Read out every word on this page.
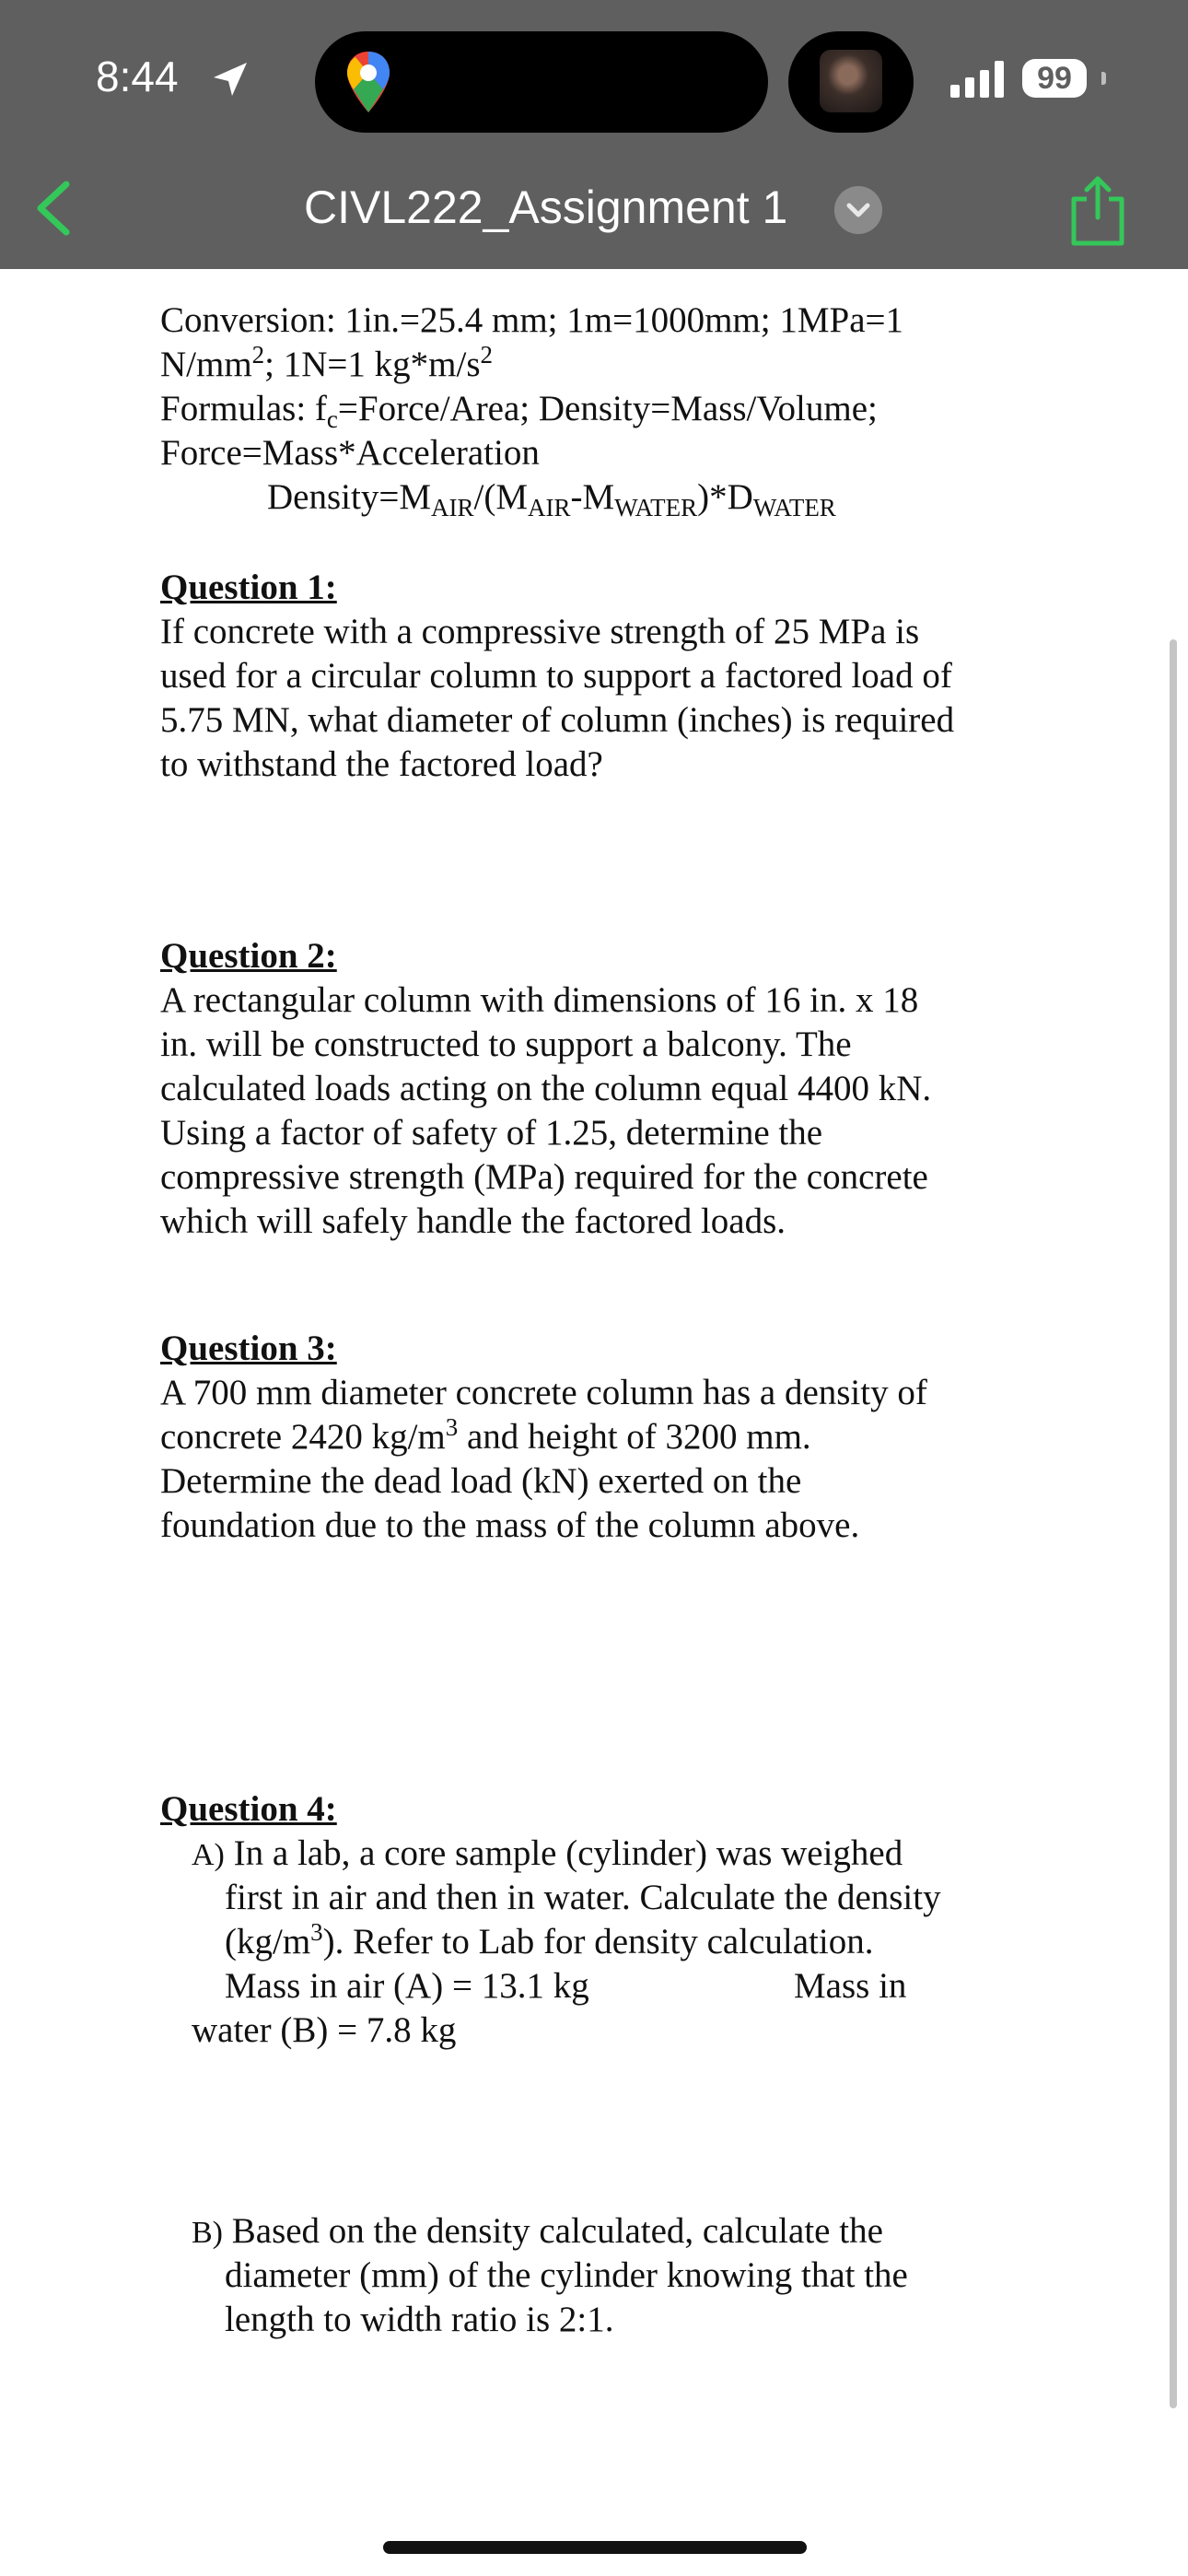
8:44	99
CIVL222_Assignment 1
Conversion: 1in.=25.4 mm; 1m=1000mm; 1MPa=1
$N/mm^2$; 1N=1 $kg*m/s^2$
Formulas: $f_c=Force$/Area; Density=Mass/Volume;
Force=Mass*Acceleration
$Density=M_{AIR}/(M_{AIR}-M_{WATER})*D_{WATER}$
Question 1:
If concrete with a compressive strength of 25 MPa is
used for a circular column to support a factored load of
5.75 MN, what diameter of column (inches) is required
to withstand the factored load?
Question 2:
A rectangular column with dimensions of 16 in. x 18
in. will be constructed to support a balcony. The
calculated loads acting on the column equal 4400 kN.
Using a factor of safety of 1.25, determine the
compressive strength (MPa) required for the concrete
which will safely handle the factored loads.
Question 3:
A 700 mm diameter concrete column has a density of
concrete 2420 $kg/m^3$ and height of 3200 mm.
Determine the dead load (kN) exerted on the
foundation due to the mass of the column above.
Question 4:
A) In a lab, a core sample (cylinder) was weighed
first in air and then in water. Calculate the density
$(kg/m^3)$. Refer to Lab for density calculation.
Mass in air (A) = 13.1 kg	Mass in
water (B) = 7.8 kg
B) Based on the density calculated, calculate the
diameter (mm) of the cylinder knowing that the
length to width ratio is 2:1.
